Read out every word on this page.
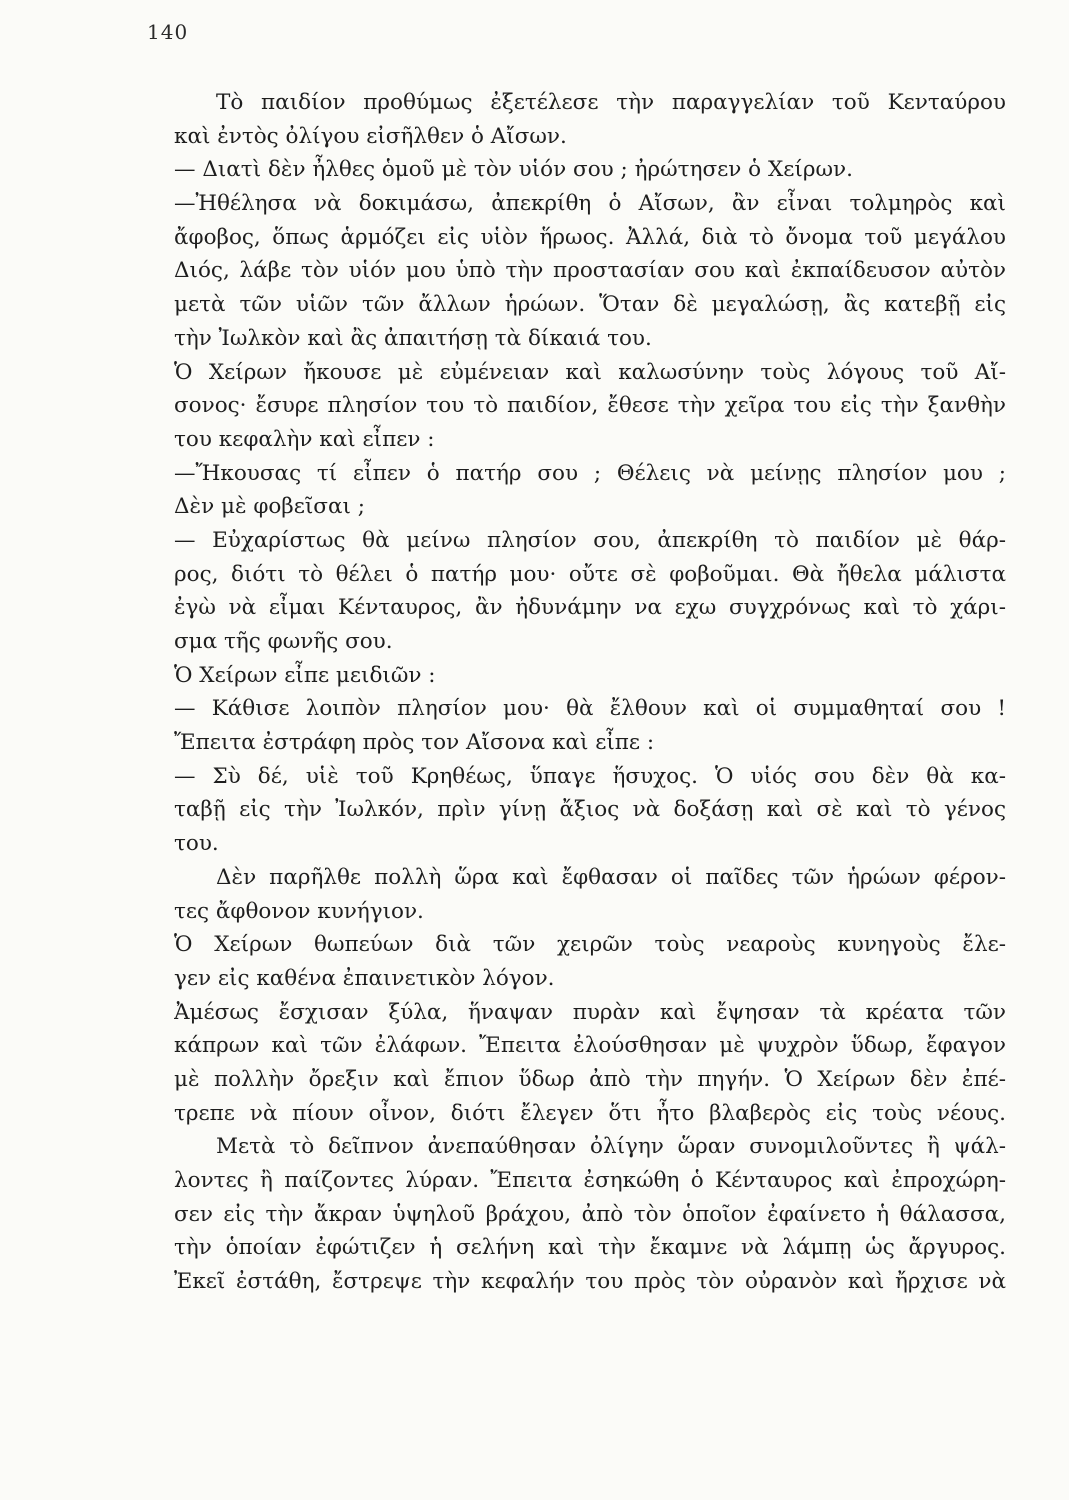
140
Τὸ παιδίον προθύμως ἐξετέλεσε τὴν παραγγελίαν τοῦ Κενταύρου
καὶ ἐντὸς ὀλίγου εἰσῆλθεν ὁ Αἴσων.
— Διατὶ δὲν ἦλθες ὁμοῦ μὲ τὸν υἱόν σου ; ἠρώτησεν ὁ Χείρων.
—Ἠθέλησα νὰ δοκιμάσω, ἀπεκρίθη ὁ Αἴσων, ἂν εἶναι τολμηρὸς καὶ
ἄφοβος, ὅπως ἁρμόζει εἰς υἱὸν ἥρωος. Ἀλλά, διὰ τὸ ὄνομα τοῦ μεγάλου
Διός, λάβε τὸν υἱόν μου ὑπὸ τὴν προστασίαν σου καὶ ἐκπαίδευσον αὐτὸν
μετὰ τῶν υἱῶν τῶν ἄλλων ἡρώων. Ὅταν δὲ μεγαλώσῃ, ἂς κατεβῇ εἰς
τὴν Ἰωλκὸν καὶ ἂς ἀπαιτήσῃ τὰ δίκαιά του.
Ὁ Χείρων ἤκουσε μὲ εὐμένειαν καὶ καλωσύνην τοὺς λόγους τοῦ Αἴ-
σονος· ἔσυρε πλησίον του τὸ παιδίον, ἔθεσε τὴν χεῖρα του εἰς τὴν ξανθὴν
του κεφαλὴν καὶ εἶπεν :
—Ἤκουσας τί εἶπεν ὁ πατήρ σου ; Θέλεις νὰ μείνῃς πλησίον μου ;
Δὲν μὲ φοβεῖσαι ;
— Εὐχαρίστως θὰ μείνω πλησίον σου, ἀπεκρίθη τὸ παιδίον μὲ θάρ-
ρος, διότι τὸ θέλει ὁ πατήρ μου· οὔτε σὲ φοβοῦμαι. Θὰ ἤθελα μάλιστα
ἐγὼ νὰ εἶμαι Κένταυρος, ἂν ἠδυνάμην να εχω συγχρόνως καὶ τὸ χάρι-
σμα τῆς φωνῆς σου.
Ὁ Χείρων εἶπε μειδιῶν :
— Κάθισε λοιπὸν πλησίον μου· θὰ ἔλθουν καὶ οἱ συμμαθηταί σου !
Ἔπειτα ἐστράφη πρὸς τον Αἴσονα καὶ εἶπε :
— Σὺ δέ, υἱὲ τοῦ Κρηθέως, ὕπαγε ἥσυχος. Ὁ υἱός σου δὲν θὰ κα-
ταβῇ εἰς τὴν Ἰωλκόν, πρὶν γίνῃ ἄξιος νὰ δοξάσῃ καὶ σὲ καὶ τὸ γένος
του.
Δὲν παρῆλθε πολλὴ ὥρα καὶ ἔφθασαν οἱ παῖδες τῶν ἡρώων φέρον-
τες ἄφθονον κυνήγιον.
Ὁ Χείρων θωπεύων διὰ τῶν χειρῶν τοὺς νεαροὺς κυνηγοὺς ἔλε-
γεν εἰς καθένα ἐπαινετικὸν λόγον.
Ἀμέσως ἔσχισαν ξύλα, ἥναψαν πυρὰν καὶ ἔψησαν τὰ κρέατα τῶν
κάπρων καὶ τῶν ἐλάφων. Ἔπειτα ἐλούσθησαν μὲ ψυχρὸν ὕδωρ, ἔφαγον
μὲ πολλὴν ὄρεξιν καὶ ἔπιον ὕδωρ ἀπὸ τὴν πηγήν. Ὁ Χείρων δὲν ἐπέ-
τρεπε νὰ πίουν οἶνον, διότι ἔλεγεν ὅτι ἦτο βλαβερὸς εἰς τοὺς νέους.
Μετὰ τὸ δεῖπνον ἀνεπαύθησαν ὀλίγην ὥραν συνομιλοῦντες ἢ ψάλ-
λοντες ἢ παίζοντες λύραν. Ἔπειτα ἐσηκώθη ὁ Κένταυρος καὶ ἐπροχώρη-
σεν εἰς τὴν ἄκραν ὑψηλοῦ βράχου, ἀπὸ τὸν ὁποῖον ἐφαίνετο ἡ θάλασσα,
τὴν ὁποίαν ἐφώτιζεν ἡ σελήνη καὶ τὴν ἔκαμνε νὰ λάμπῃ ὡς ἄργυρος.
Ἐκεῖ ἐστάθη, ἔστρεψε τὴν κεφαλήν του πρὸς τὸν οὐρανὸν καὶ ἤρχισε νὰ
